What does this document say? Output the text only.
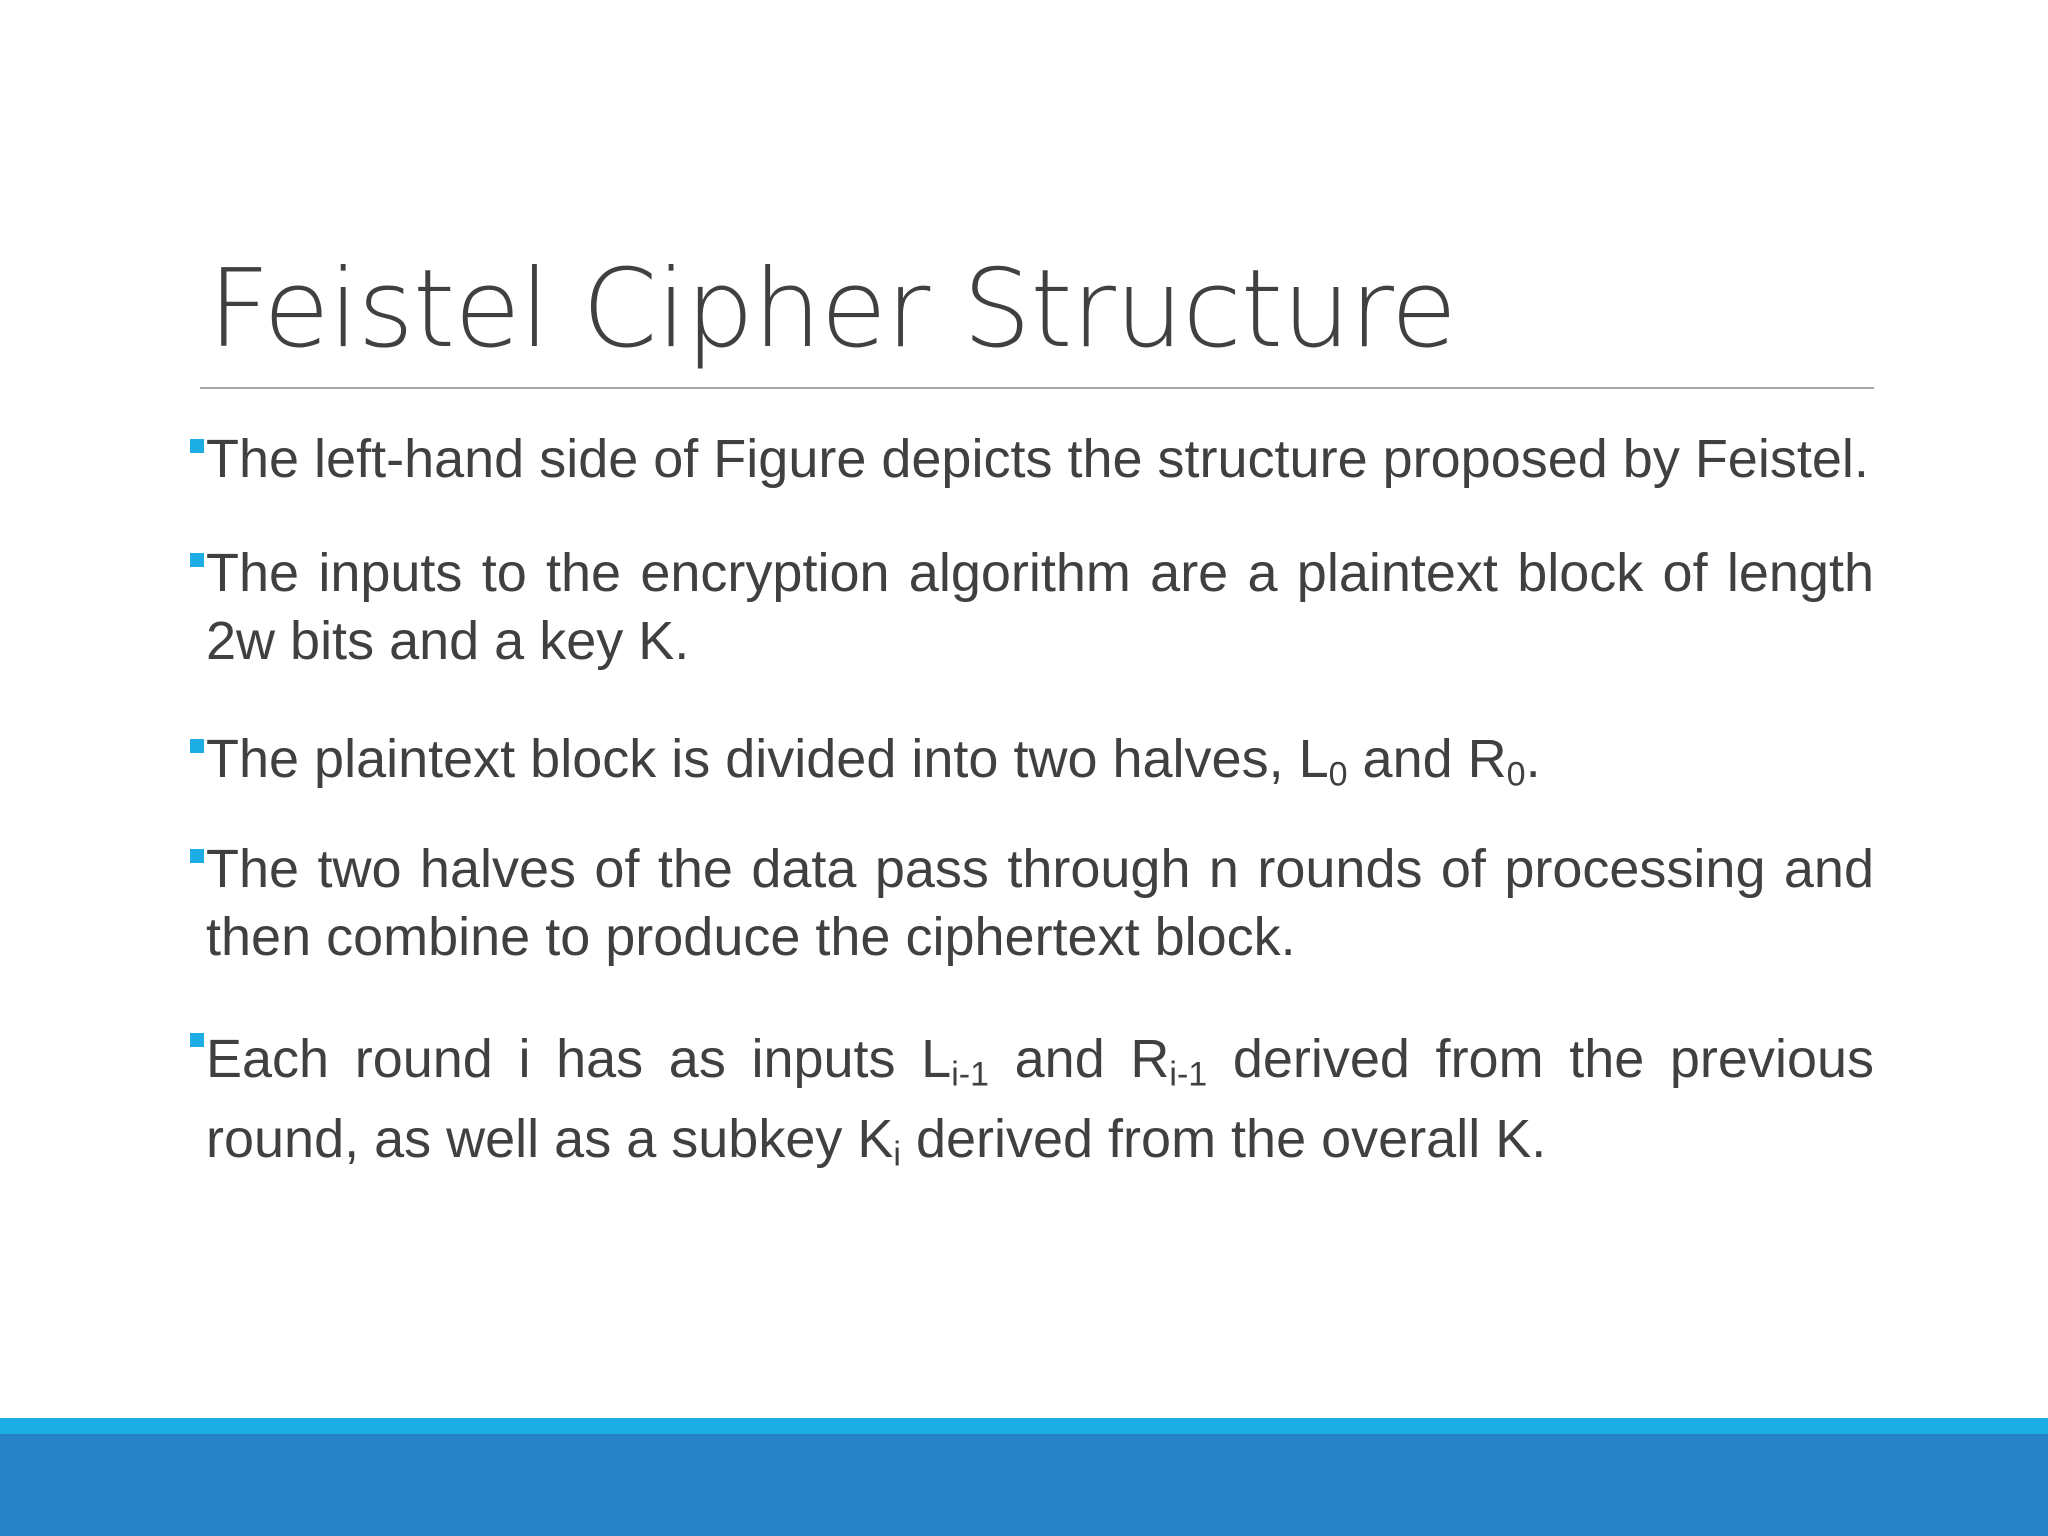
Feistel Cipher Structure
The left-hand side of Figure depicts the structure proposed by Feistel.
The inputs to the encryption algorithm are a plaintext block of length 2w bits and a key K.
The plaintext block is divided into two halves, $L_0$ and $R_0$.
The two halves of the data pass through n rounds of processing and then combine to produce the ciphertext block.
Each round i has as inputs $L_{i-1}$ and $R_{i-1}$ derived from the previous round, as well as a subkey $K_i$ derived from the overall K.
